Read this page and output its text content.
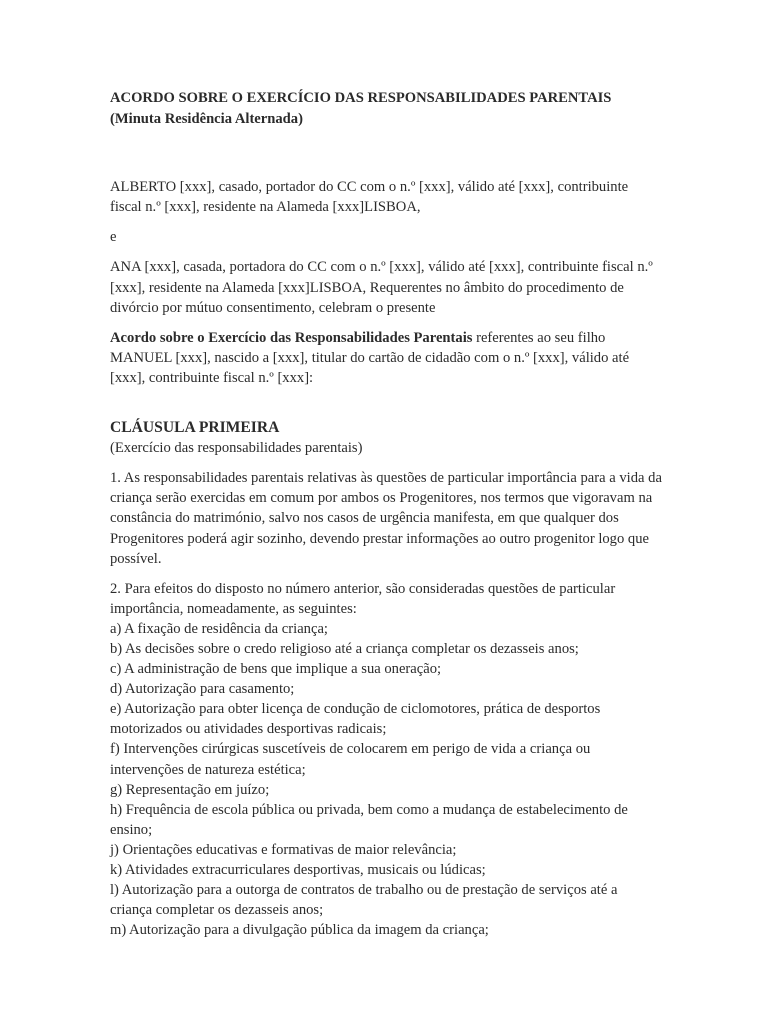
ACORDO SOBRE O EXERCÍCIO DAS RESPONSABILIDADES PARENTAIS

(Minuta Residência Alternada)

ALBERTO [xxx], casado, portador do CC com o n.º [xxx], válido até [xxx], contribuinte fiscal n.º [xxx], residente na Alameda [xxx]LISBOA,

e

ANA [xxx], casada, portadora do CC com o n.º [xxx], válido até [xxx], contribuinte fiscal n.º [xxx], residente na Alameda [xxx]LISBOA, Requerentes no âmbito do procedimento de divórcio por mútuo consentimento, celebram o presente

Acordo sobre o Exercício das Responsabilidades Parentais referentes ao seu filho MANUEL [xxx], nascido a [xxx], titular do cartão de cidadão com o n.º [xxx], válido até [xxx], contribuinte fiscal n.º [xxx]:

CLÁUSULA PRIMEIRA

(Exercício das responsabilidades parentais)

1. As responsabilidades parentais relativas às questões de particular importância para a vida da criança serão exercidas em comum por ambos os Progenitores, nos termos que vigoravam na constância do matrimónio, salvo nos casos de urgência manifesta, em que qualquer dos Progenitores poderá agir sozinho, devendo prestar informações ao outro progenitor logo que possível.

2. Para efeitos do disposto no número anterior, são consideradas questões de particular importância, nomeadamente, as seguintes:

a) A fixação de residência da criança;

b) As decisões sobre o credo religioso até a criança completar os dezasseis anos;

c) A administração de bens que implique a sua oneração;

d) Autorização para casamento;

e) Autorização para obter licença de condução de ciclomotores, prática de desportos motorizados ou atividades desportivas radicais;

f) Intervenções cirúrgicas suscetíveis de colocarem em perigo de vida a criança ou intervenções de natureza estética;

g) Representação em juízo;

h) Frequência de escola pública ou privada, bem como a mudança de estabelecimento de ensino;

j) Orientações educativas e formativas de maior relevância;

k) Atividades extracurriculares desportivas, musicais ou lúdicas;

l) Autorização para a outorga de contratos de trabalho ou de prestação de serviços até a criança completar os dezasseis anos;

m) Autorização para a divulgação pública da imagem da criança;
